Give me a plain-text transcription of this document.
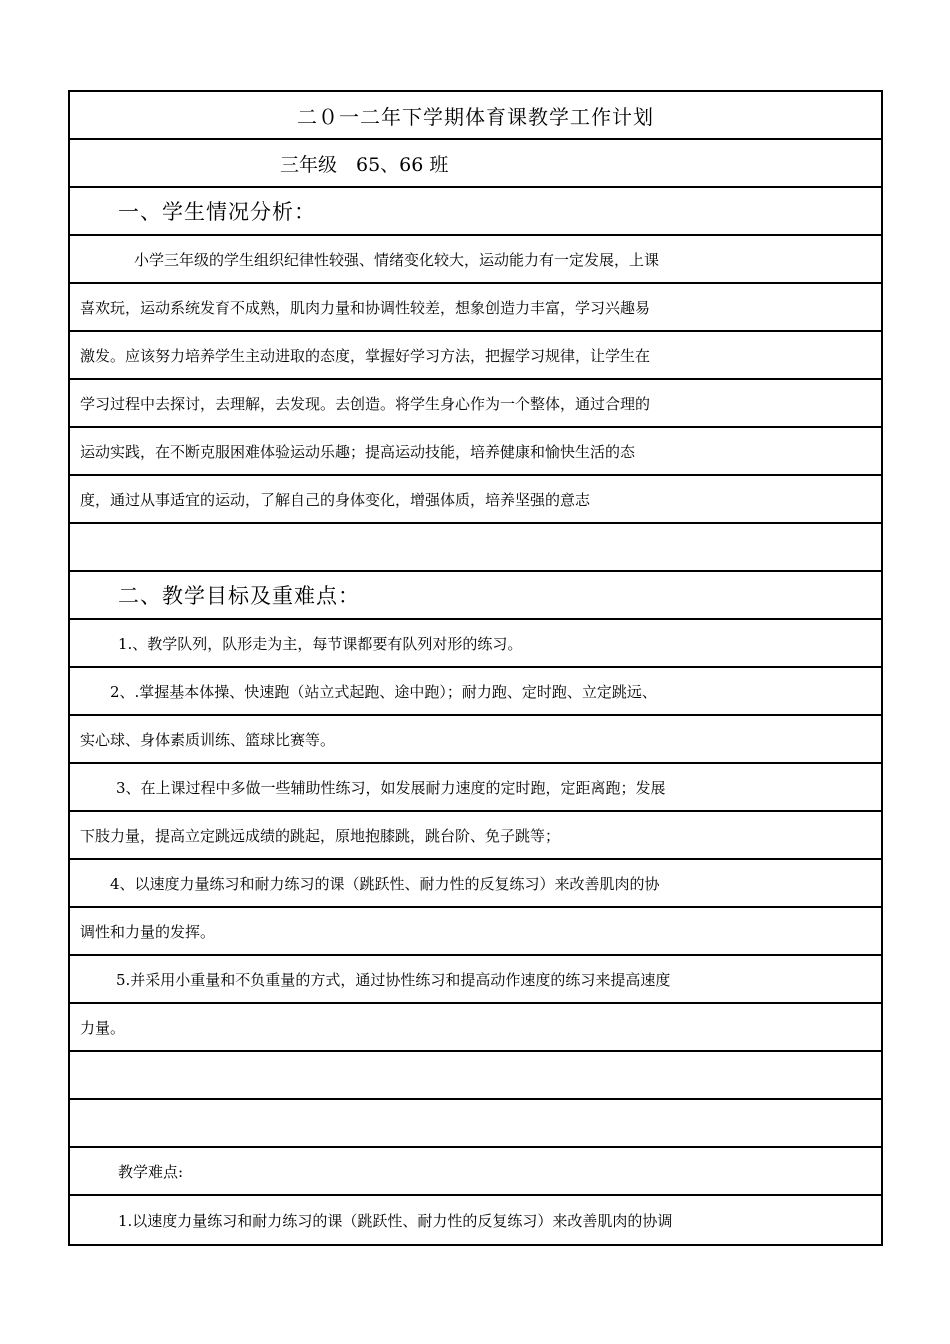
二０一二年下学期体育课教学工作计划
三年级　65、66 班
一、学生情况分析：
小学三年级的学生组织纪律性较强、情绪变化较大，运动能力有一定发展，上课
喜欢玩，运动系统发育不成熟，肌肉力量和协调性较差，想象创造力丰富，学习兴趣易
激发。应该努力培养学生主动进取的态度，掌握好学习方法，把握学习规律，让学生在
学习过程中去探讨，去理解，去发现。去创造。将学生身心作为一个整体，通过合理的
运动实践，在不断克服困难体验运动乐趣；提高运动技能，培养健康和愉快生活的态
度，通过从事适宜的运动，了解自己的身体变化，增强体质，培养坚强的意志
二、教学目标及重难点：
1.、教学队列，队形走为主，每节课都要有队列对形的练习。
2、.掌握基本体操、快速跑（站立式起跑、途中跑）；耐力跑、定时跑、立定跳远、
实心球、身体素质训练、篮球比赛等。
3、在上课过程中多做一些辅助性练习，如发展耐力速度的定时跑，定距离跑；发展
下肢力量，提高立定跳远成绩的跳起，原地抱膝跳，跳台阶、免子跳等；
4、以速度力量练习和耐力练习的课（跳跃性、耐力性的反复练习）来改善肌肉的协
调性和力量的发挥。
5.并采用小重量和不负重量的方式，通过协性练习和提高动作速度的练习来提高速度
力量。
教学难点:
1.以速度力量练习和耐力练习的课（跳跃性、耐力性的反复练习）来改善肌肉的协调
